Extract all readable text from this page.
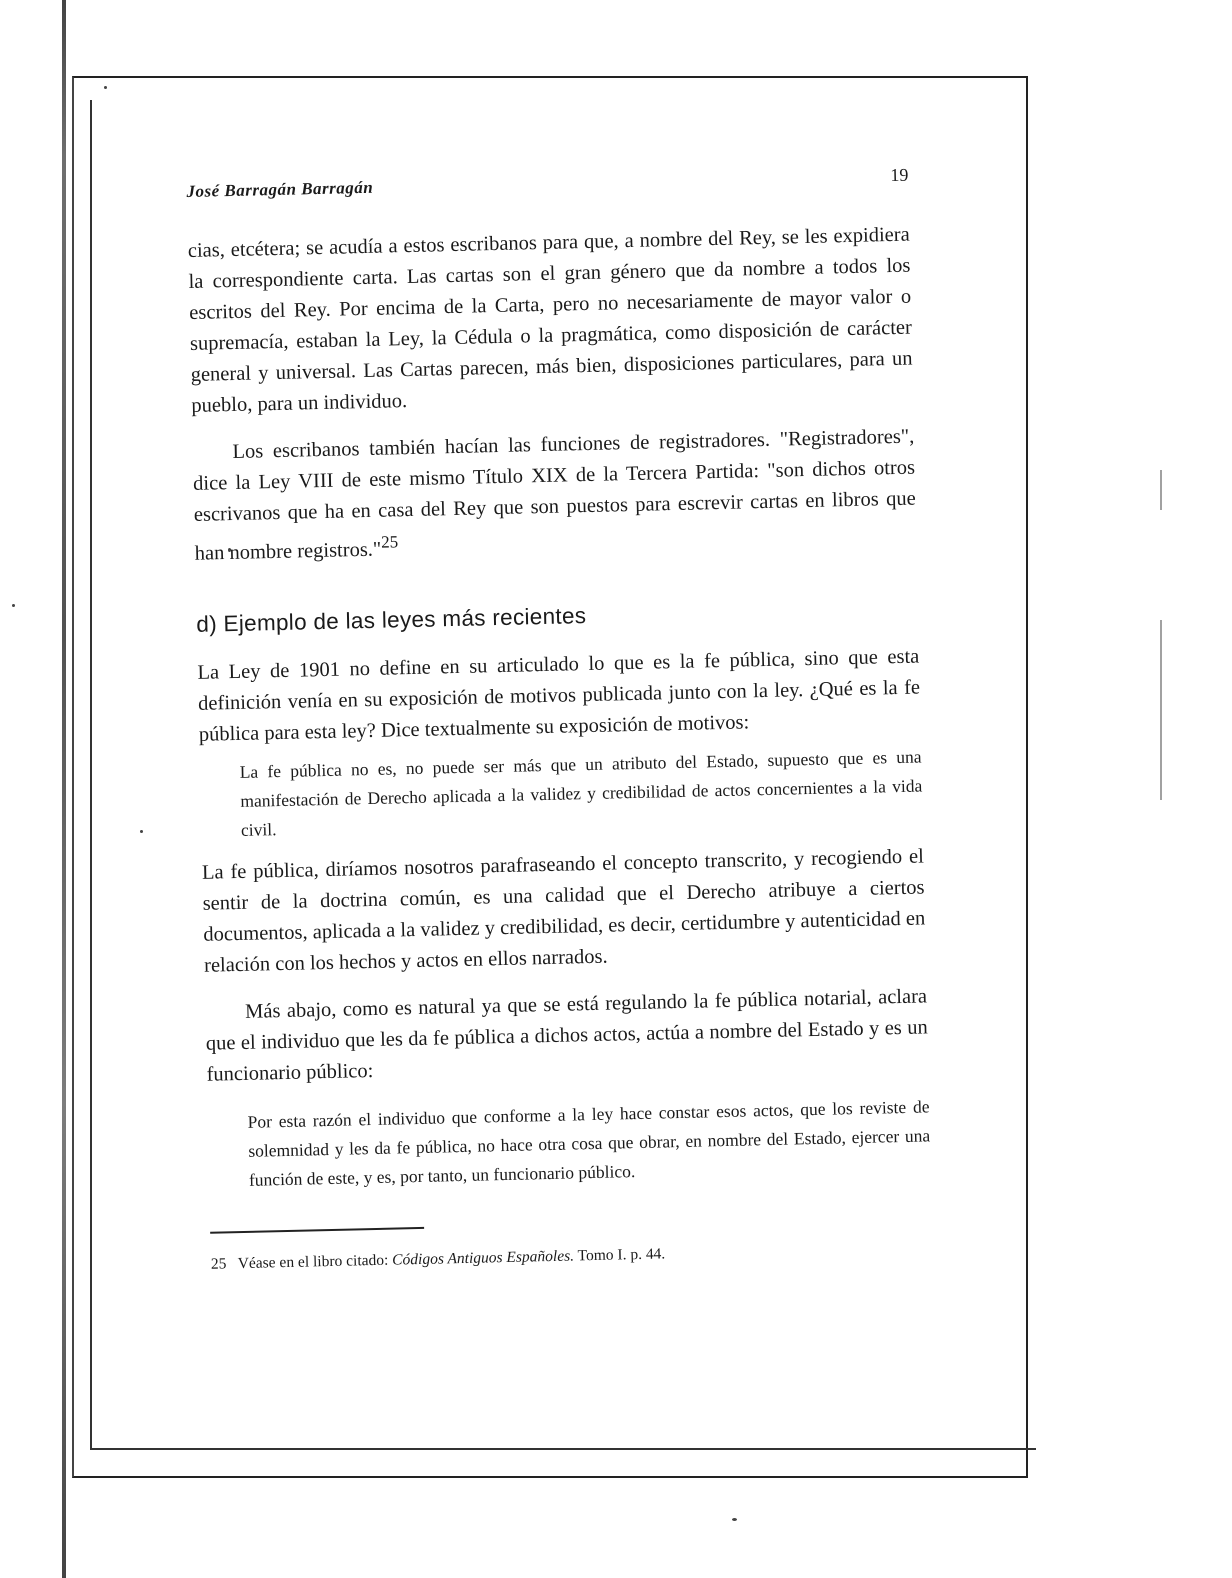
José Barragán Barragán
19

cias, etcétera; se acudía a estos escribanos para que, a nombre del Rey, se les expidiera la correspondiente carta. Las cartas son el gran género que da nombre a todos los escritos del Rey. Por encima de la Carta, pero no necesariamente de mayor valor o supremacía, estaban la Ley, la Cédula o la pragmática, como disposición de carácter general y universal. Las Cartas parecen, más bien, disposiciones particulares, para un pueblo, para un individuo.

Los escribanos también hacían las funciones de registradores. "Registradores", dice la Ley VIII de este mismo Título XIX de la Tercera Partida: "son dichos otros escrivanos que ha en casa del Rey que son puestos para escrevir cartas en libros que han nombre registros."$^{25}$

d) Ejemplo de las leyes más recientes

La Ley de 1901 no define en su articulado lo que es la fe pública, sino que esta definición venía en su exposición de motivos publicada junto con la ley. ¿Qué es la fe pública para esta ley? Dice textualmente su exposición de motivos:

La fe pública no es, no puede ser más que un atributo del Estado, supuesto que es una manifestación de Derecho aplicada a la validez y credibilidad de actos concernientes a la vida civil.

La fe pública, diríamos nosotros parafraseando el concepto transcrito, y recogiendo el sentir de la doctrina común, es una calidad que el Derecho atribuye a ciertos documentos, aplicada a la validez y credibilidad, es decir, certidumbre y autenticidad en relación con los hechos y actos en ellos narrados.

Más abajo, como es natural ya que se está regulando la fe pública notarial, aclara que el individuo que les da fe pública a dichos actos, actúa a nombre del Estado y es un funcionario público:

Por esta razón el individuo que conforme a la ley hace constar esos actos, que los reviste de solemnidad y les da fe pública, no hace otra cosa que obrar, en nombre del Estado, ejercer una función de este, y es, por tanto, un funcionario público.
25 Véase en el libro citado: Códigos Antiguos Españoles. Tomo I. p. 44.
